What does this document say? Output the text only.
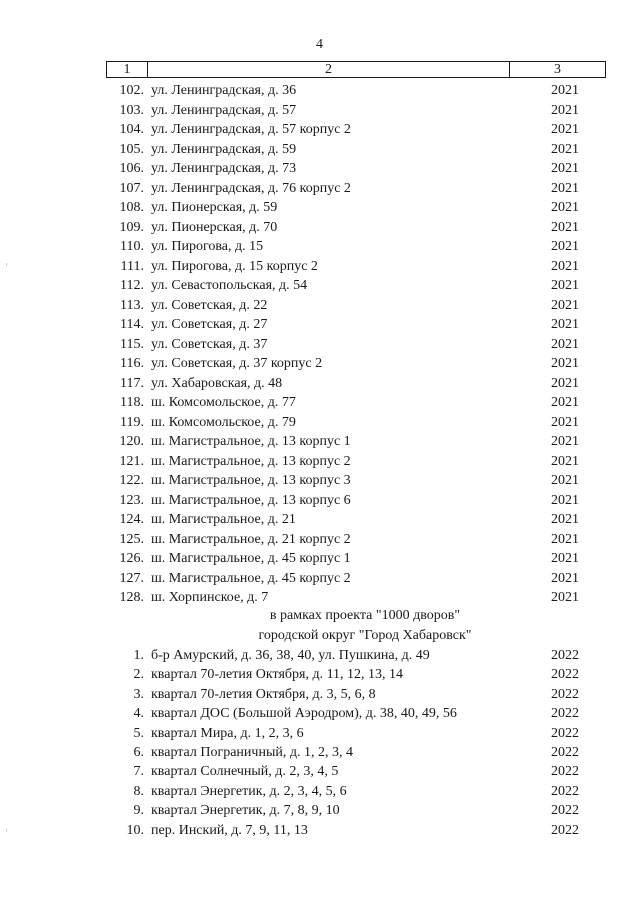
4
1	2	3
102. ул. Ленинградская, д. 36	2021
103. ул. Ленинградская, д. 57	2021
104. ул. Ленинградская, д. 57 корпус 2	2021
105. ул. Ленинградская, д. 59	2021
106. ул. Ленинградская, д. 73	2021
107. ул. Ленинградская, д. 76 корпус 2	2021
108. ул. Пионерская, д. 59	2021
109. ул. Пионерская, д. 70	2021
110. ул. Пирогова, д. 15	2021
111. ул. Пирогова, д. 15 корпус 2	2021
112. ул. Севастопольская, д. 54	2021
113. ул. Советская, д. 22	2021
114. ул. Советская, д. 27	2021
115. ул. Советская, д. 37	2021
116. ул. Советская, д. 37 корпус 2	2021
117. ул. Хабаровская, д. 48	2021
118. ш. Комсомольское, д. 77	2021
119. ш. Комсомольское, д. 79	2021
120. ш. Магистральное, д. 13 корпус 1	2021
121. ш. Магистральное, д. 13 корпус 2	2021
122. ш. Магистральное, д. 13 корпус 3	2021
123. ш. Магистральное, д. 13 корпус 6	2021
124. ш. Магистральное, д. 21	2021
125. ш. Магистральное, д. 21 корпус 2	2021
126. ш. Магистральное, д. 45 корпус 1	2021
127. ш. Магистральное, д. 45 корпус 2	2021
128. ш. Хорпинское, д. 7	2021
в рамках проекта "1000 дворов"
городской округ "Город Хабаровск"
1. б-р Амурский, д. 36, 38, 40, ул. Пушкина, д. 49	2022
2. квартал 70-летия Октября, д. 11, 12, 13, 14	2022
3. квартал 70-летия Октября, д. 3, 5, 6, 8	2022
4. квартал ДОС (Большой Аэродром), д. 38, 40, 49, 56	2022
5. квартал Мира, д. 1, 2, 3, 6	2022
6. квартал Пограничный, д. 1, 2, 3, 4	2022
7. квартал Солнечный, д. 2, 3, 4, 5	2022
8. квартал Энергетик, д. 2, 3, 4, 5, 6	2022
9. квартал Энергетик, д. 7, 8, 9, 10	2022
10. пер. Инский, д. 7, 9, 11, 13	2022
'
'
